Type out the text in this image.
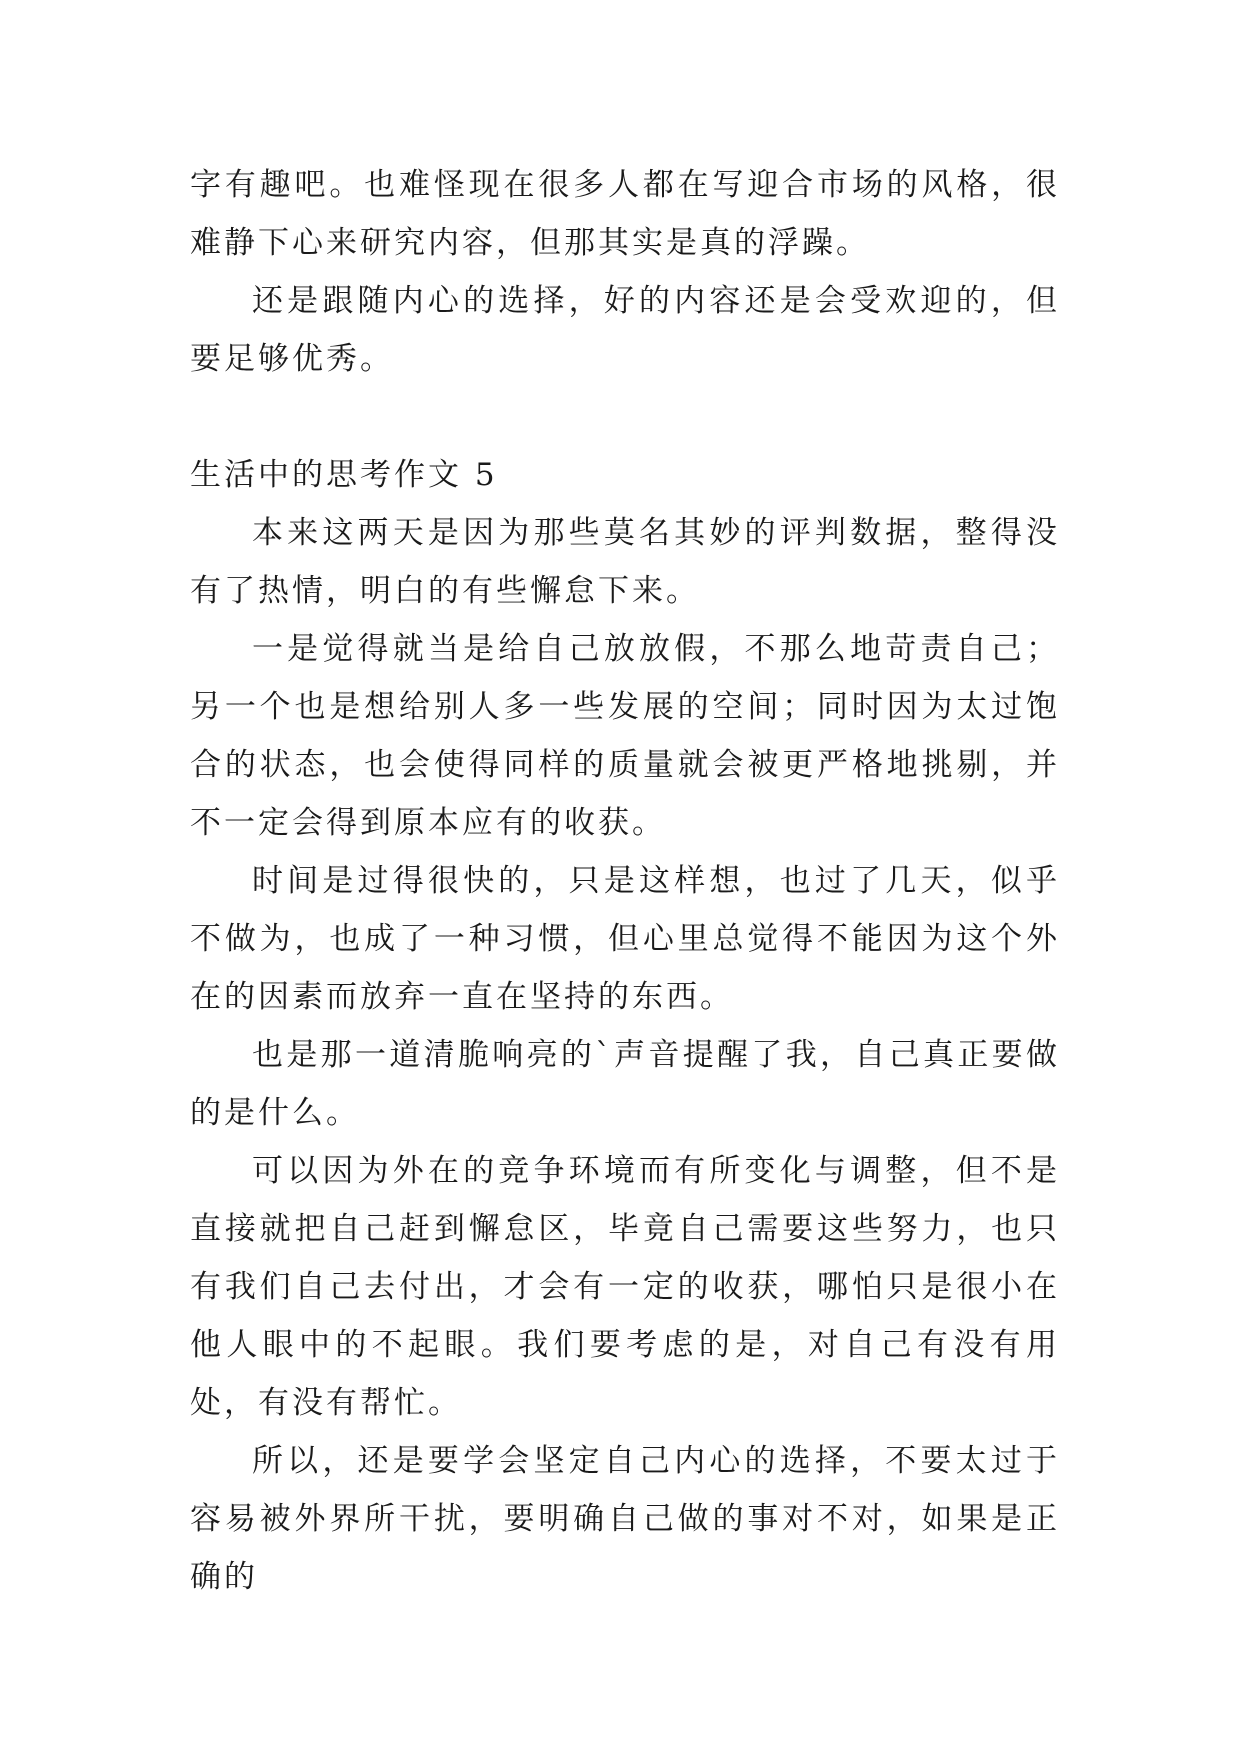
字有趣吧。也难怪现在很多人都在写迎合市场的风格，很难静下心来研究内容，但那其实是真的浮躁。

还是跟随内心的选择，好的内容还是会受欢迎的，但要足够优秀。

生活中的思考作文 5

本来这两天是因为那些莫名其妙的评判数据，整得没有了热情，明白的有些懈怠下来。

一是觉得就当是给自己放放假，不那么地苛责自己；另一个也是想给别人多一些发展的空间；同时因为太过饱合的状态，也会使得同样的质量就会被更严格地挑剔，并不一定会得到原本应有的收获。

时间是过得很快的，只是这样想，也过了几天，似乎不做为，也成了一种习惯，但心里总觉得不能因为这个外在的因素而放弃一直在坚持的东西。

也是那一道清脆响亮的`声音提醒了我，自己真正要做的是什么。

可以因为外在的竞争环境而有所变化与调整，但不是直接就把自己赶到懈怠区，毕竟自己需要这些努力，也只有我们自己去付出，才会有一定的收获，哪怕只是很小在他人眼中的不起眼。我们要考虑的是，对自己有没有用处，有没有帮忙。

所以，还是要学会坚定自己内心的选择，不要太过于容易被外界所干扰，要明确自己做的事对不对，如果是正确的
